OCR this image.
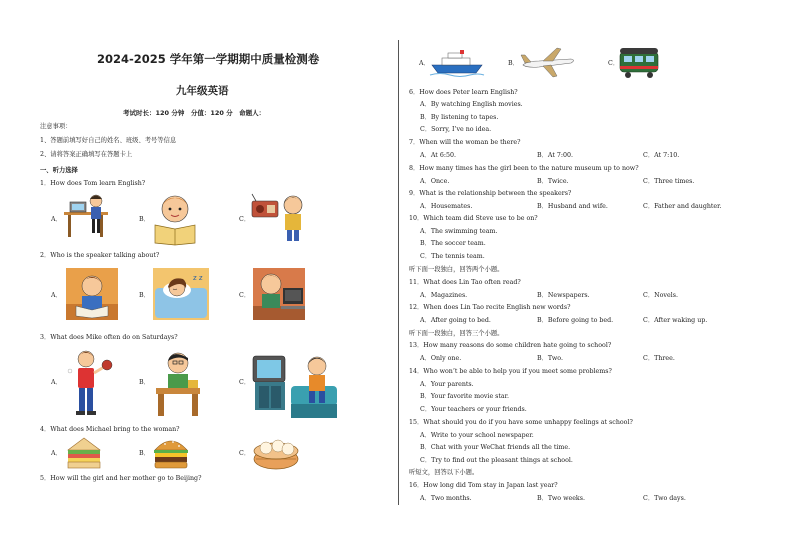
2024-2025 学年第一学期期中质量检测卷
九年级英语
考试时长：120 分钟　分值：120 分　命题人：
注意事项：
1、答题前填写好自己的姓名、班级、考号等信息
2、请将答案正确填写在答题卡上
一、听力选择
1．How does Tom learn English?
A．	B．	C．
2．Who is the speaker talking about?
A．	B．	C．
z z
3．What does Mike often do on Saturdays?
A．	B．	C．
4．What does Michael bring to the woman?
A．	B．	C．
5．How will the girl and her mother go to Beijing?
A．	B．	C．
6．How does Peter learn English?
A．By watching English movies.
B．By listening to tapes.
C．Sorry, I’ve no idea.
7．When will the woman be there?
A．At 6:50.	B．At 7:00.	C．At 7:10.
8．How many times has the girl been to the nature museum up to now?
A．Once.	B．Twice.	C．Three times.
9．What is the relationship between the speakers?
A．Housemates.	B．Husband and wife.	C．Father and daughter.
10．Which team did Steve use to be on?
A．The swimming team.
B．The soccer team.
C．The tennis team.
听下面一段独白，回答两个小题。
11．What does Lin Tao often read?
A．Magazines.	B．Newspapers.	C．Novels.
12．When does Lin Tao recite English new words?
A．After going to bed.	B．Before going to bed.	C．After waking up.
听下面一段独白，回答三个小题。
13．How many reasons do some children hate going to school?
A．Only one.	B．Two.	C．Three.
14．Who won’t be able to help you if you meet some problems?
A．Your parents.
B．Your favorite movie star.
C．Your teachers or your friends.
15．What should you do if you have some unhappy feelings at school?
A．Write to your school newspaper.
B．Chat with your WeChat friends all the time.
C．Try to find out the pleasant things at school.
听短文，回答以下小题。
16．How long did Tom stay in Japan last year?
A．Two months.	B．Two weeks.	C．Two days.
